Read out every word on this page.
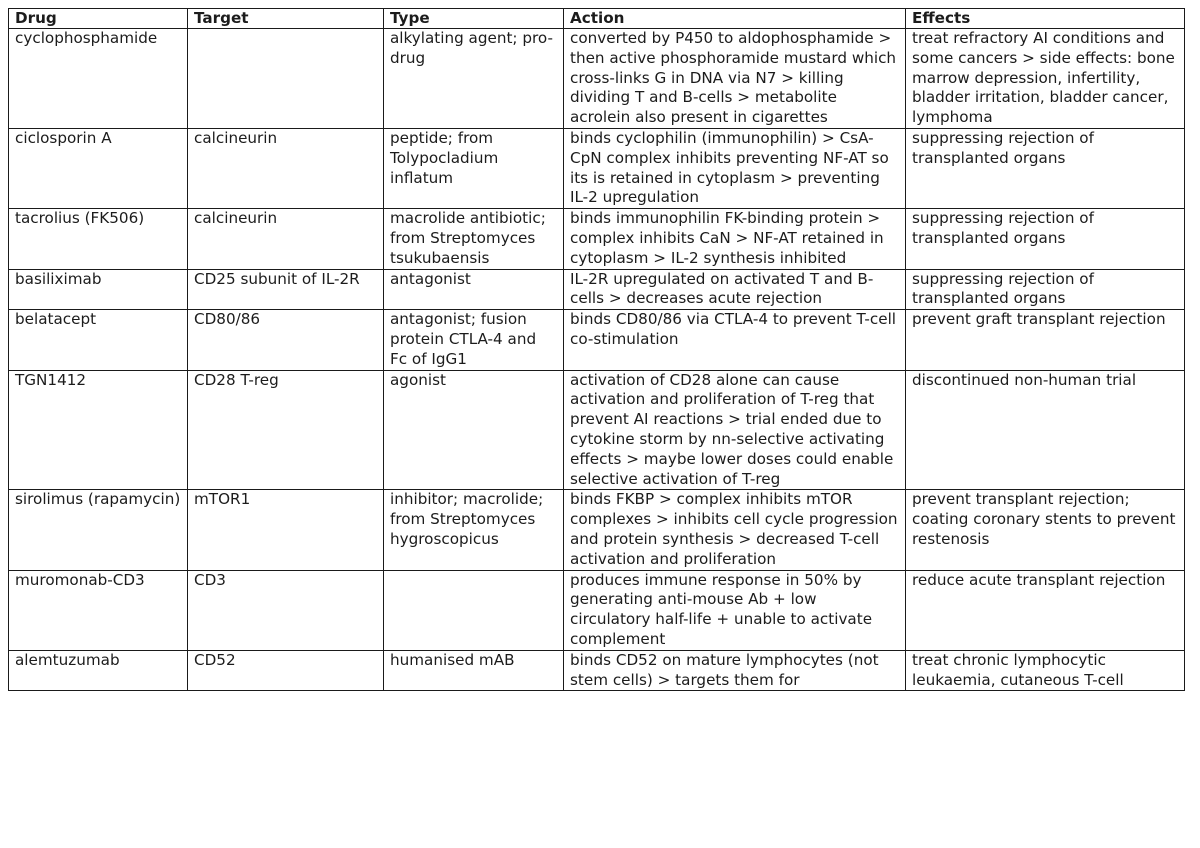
Drug	Target	Type	Action	Effects
cyclophosphamide		alkylating agent; pro-drug	converted by P450 to aldophosphamide > then active phosphoramide mustard which cross-links G in DNA via N7 > killing dividing T and B-cells > metabolite acrolein also present in cigarettes	treat refractory AI conditions and some cancers > side effects: bone marrow depression, infertility, bladder irritation, bladder cancer, lymphoma
ciclosporin A	calcineurin	peptide; from Tolypocladium inflatum	binds cyclophilin (immunophilin) > CsA-CpN complex inhibits preventing NF-AT so its is retained in cytoplasm > preventing IL-2 upregulation	suppressing rejection of transplanted organs
tacrolius (FK506)	calcineurin	macrolide antibiotic; from Streptomyces tsukubaensis	binds immunophilin FK-binding protein > complex inhibits CaN > NF-AT retained in cytoplasm > IL-2 synthesis inhibited	suppressing rejection of transplanted organs
basiliximab	CD25 subunit of IL-2R	antagonist	IL-2R upregulated on activated T and B-cells > decreases acute rejection	suppressing rejection of transplanted organs
belatacept	CD80/86	antagonist; fusion protein CTLA-4 and Fc of IgG1	binds CD80/86 via CTLA-4 to prevent T-cell co-stimulation	prevent graft transplant rejection
TGN1412	CD28 T-reg	agonist	activation of CD28 alone can cause activation and proliferation of T-reg that prevent AI reactions > trial ended due to cytokine storm by nn-selective activating effects > maybe lower doses could enable selective activation of T-reg	discontinued non-human trial
sirolimus (rapamycin)	mTOR1	inhibitor; macrolide; from Streptomyces hygroscopicus	binds FKBP > complex inhibits mTOR complexes > inhibits cell cycle progression and protein synthesis > decreased T-cell activation and proliferation	prevent transplant rejection; coating coronary stents to prevent restenosis
muromonab-CD3	CD3		produces immune response in 50% by generating anti-mouse Ab + low circulatory half-life + unable to activate complement	reduce acute transplant rejection
alemtuzumab	CD52	humanised mAB	binds CD52 on mature lymphocytes (not stem cells) > targets them for	treat chronic lymphocytic leukaemia, cutaneous T-cell
